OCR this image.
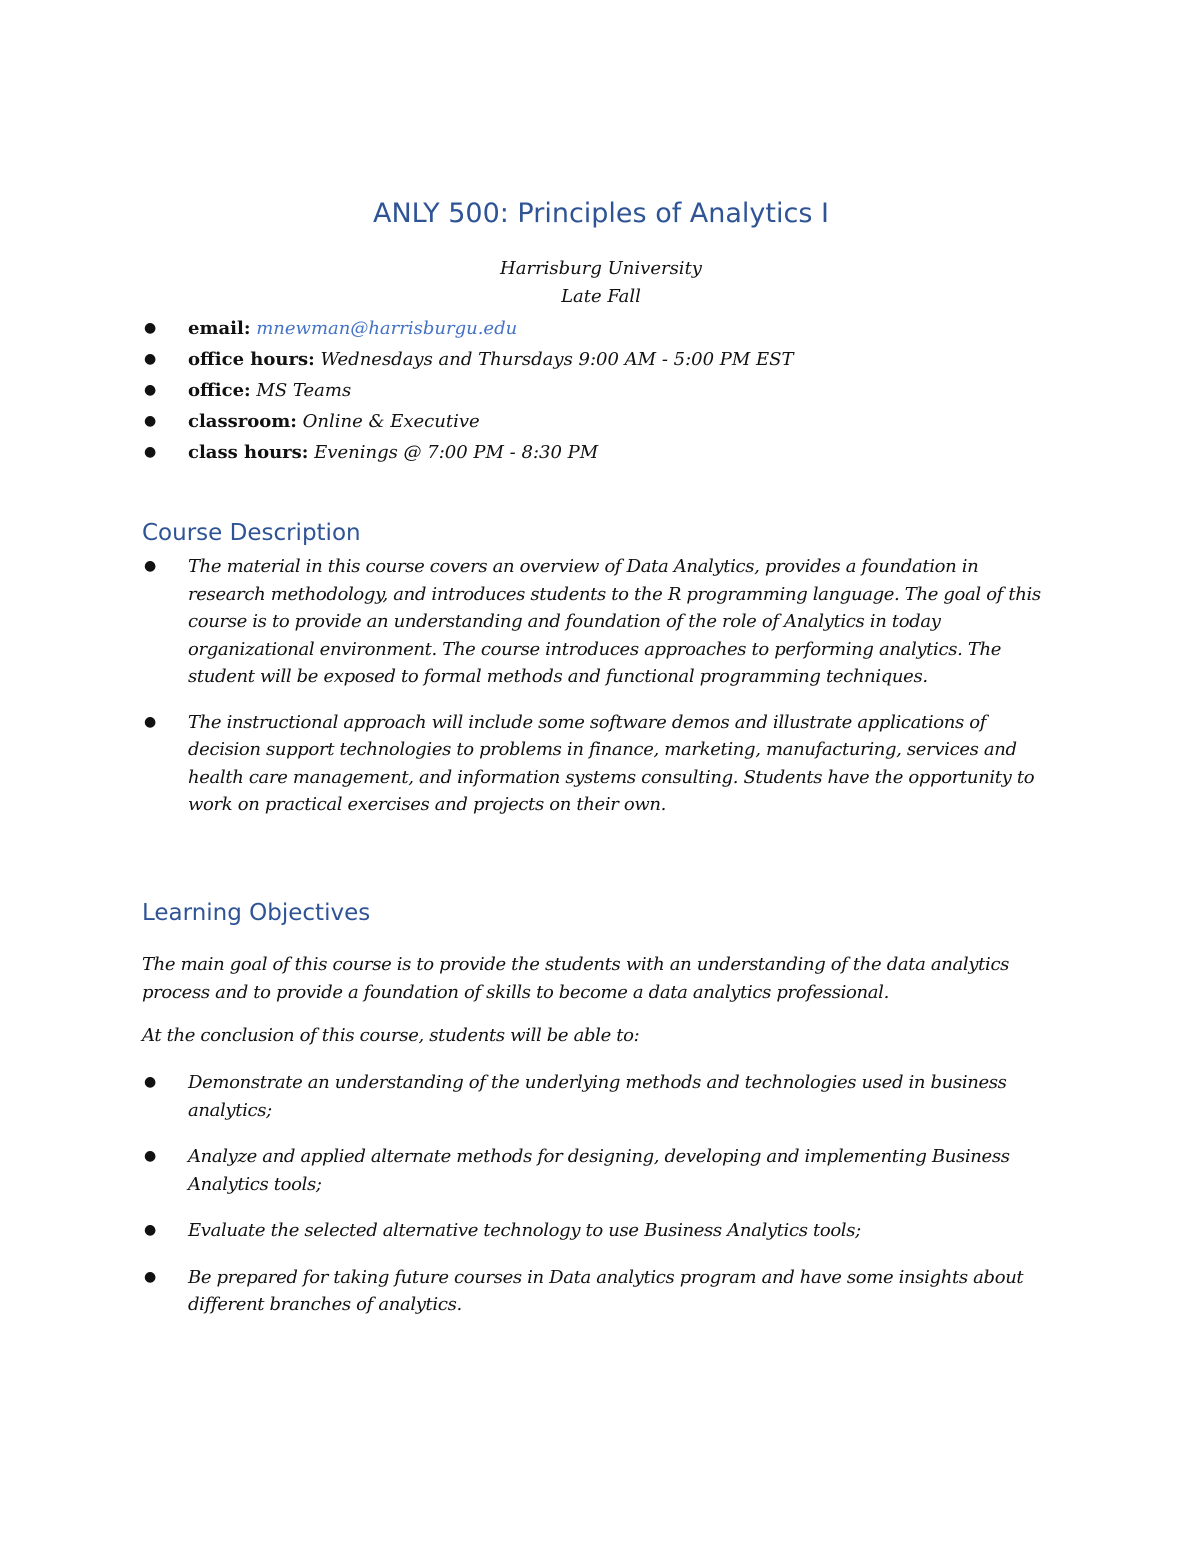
ANLY 500: Principles of Analytics I

Harrisburg University

Late Fall

● email: mnewman@harrisburgu.edu
● office hours: Wednesdays and Thursdays 9:00 AM - 5:00 PM EST
● office: MS Teams
● classroom: Online & Executive
● class hours: Evenings @ 7:00 PM - 8:30 PM
Course Description
● The material in this course covers an overview of Data Analytics, provides a foundation in research methodology, and introduces students to the R programming language. The goal of this course is to provide an understanding and foundation of the role of Analytics in today organizational environment. The course introduces approaches to performing analytics. The student will be exposed to formal methods and functional programming techniques.
● The instructional approach will include some software demos and illustrate applications of decision support technologies to problems in finance, marketing, manufacturing, services and health care management, and information systems consulting. Students have the opportunity to work on practical exercises and projects on their own.
Learning Objectives

The main goal of this course is to provide the students with an understanding of the data analytics process and to provide a foundation of skills to become a data analytics professional.

At the conclusion of this course, students will be able to:

● Demonstrate an understanding of the underlying methods and technologies used in business analytics;
● Analyze and applied alternate methods for designing, developing and implementing Business Analytics tools;
● Evaluate the selected alternative technology to use Business Analytics tools;
● Be prepared for taking future courses in Data analytics program and have some insights about different branches of analytics.
